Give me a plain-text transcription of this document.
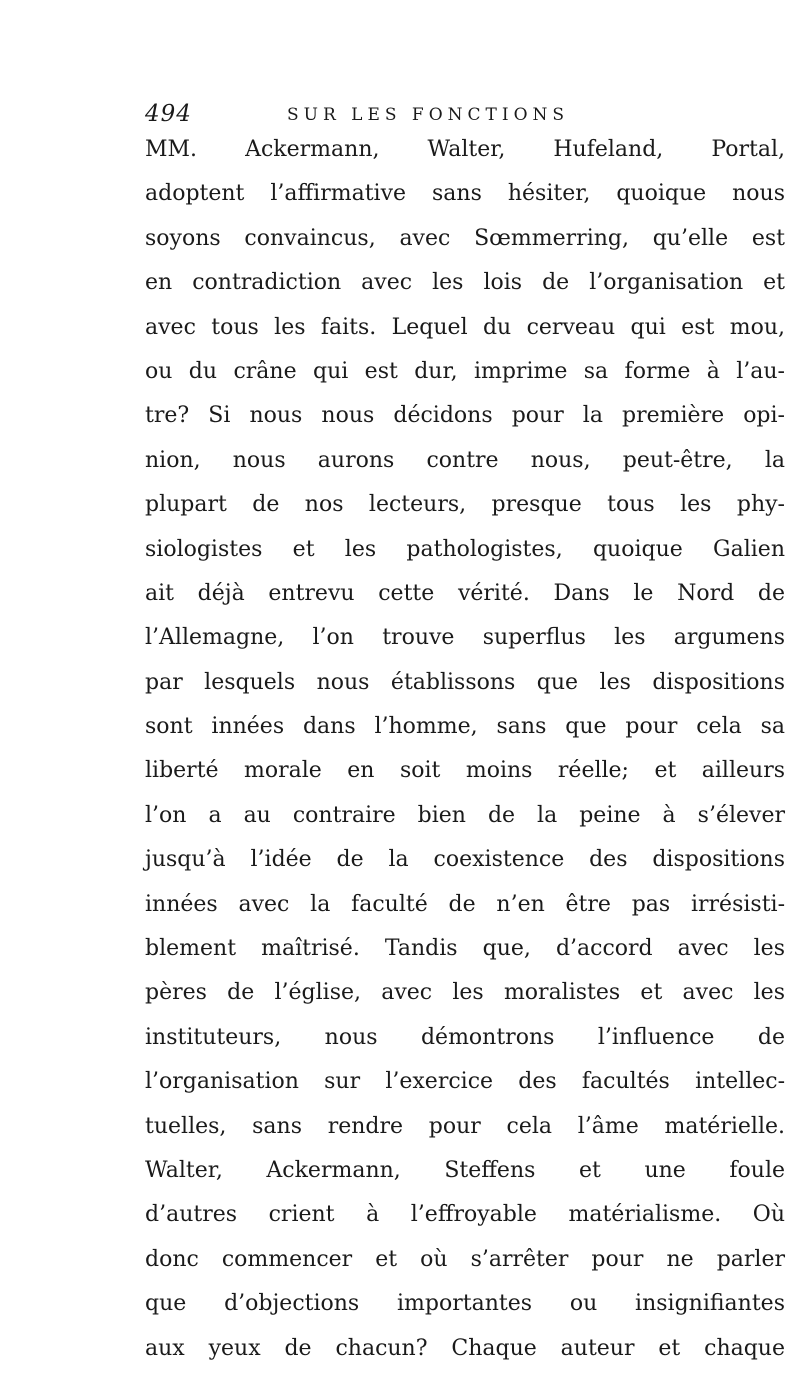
494	SUR LES FONCTIONS
MM. Ackermann, Walter, Hufeland, Portal,
adoptent l’affirmative sans hésiter, quoique nous
soyons convaincus, avec Sœmmerring, qu’elle est
en contradiction avec les lois de l’organisation et
avec tous les faits. Lequel du cerveau qui est mou,
ou du crâne qui est dur, imprime sa forme à l’au-
tre? Si nous nous décidons pour la première opi-
nion, nous aurons contre nous, peut-être, la
plupart de nos lecteurs, presque tous les phy-
siologistes et les pathologistes, quoique Galien
ait déjà entrevu cette vérité. Dans le Nord de
l’Allemagne, l’on trouve superflus les argumens
par lesquels nous établissons que les dispositions
sont innées dans l’homme, sans que pour cela sa
liberté morale en soit moins réelle; et ailleurs
l’on a au contraire bien de la peine à s’élever
jusqu’à l’idée de la coexistence des dispositions
innées avec la faculté de n’en être pas irrésisti-
blement maîtrisé. Tandis que, d’accord avec les
pères de l’église, avec les moralistes et avec les
instituteurs, nous démontrons l’influence de
l’organisation sur l’exercice des facultés intellec-
tuelles, sans rendre pour cela l’âme matérielle.
Walter, Ackermann, Steffens et une foule
d’autres crient à l’effroyable matérialisme. Où
donc commencer et où s’arrêter pour ne parler
que d’objections importantes ou insignifiantes
aux yeux de chacun? Chaque auteur et chaque
